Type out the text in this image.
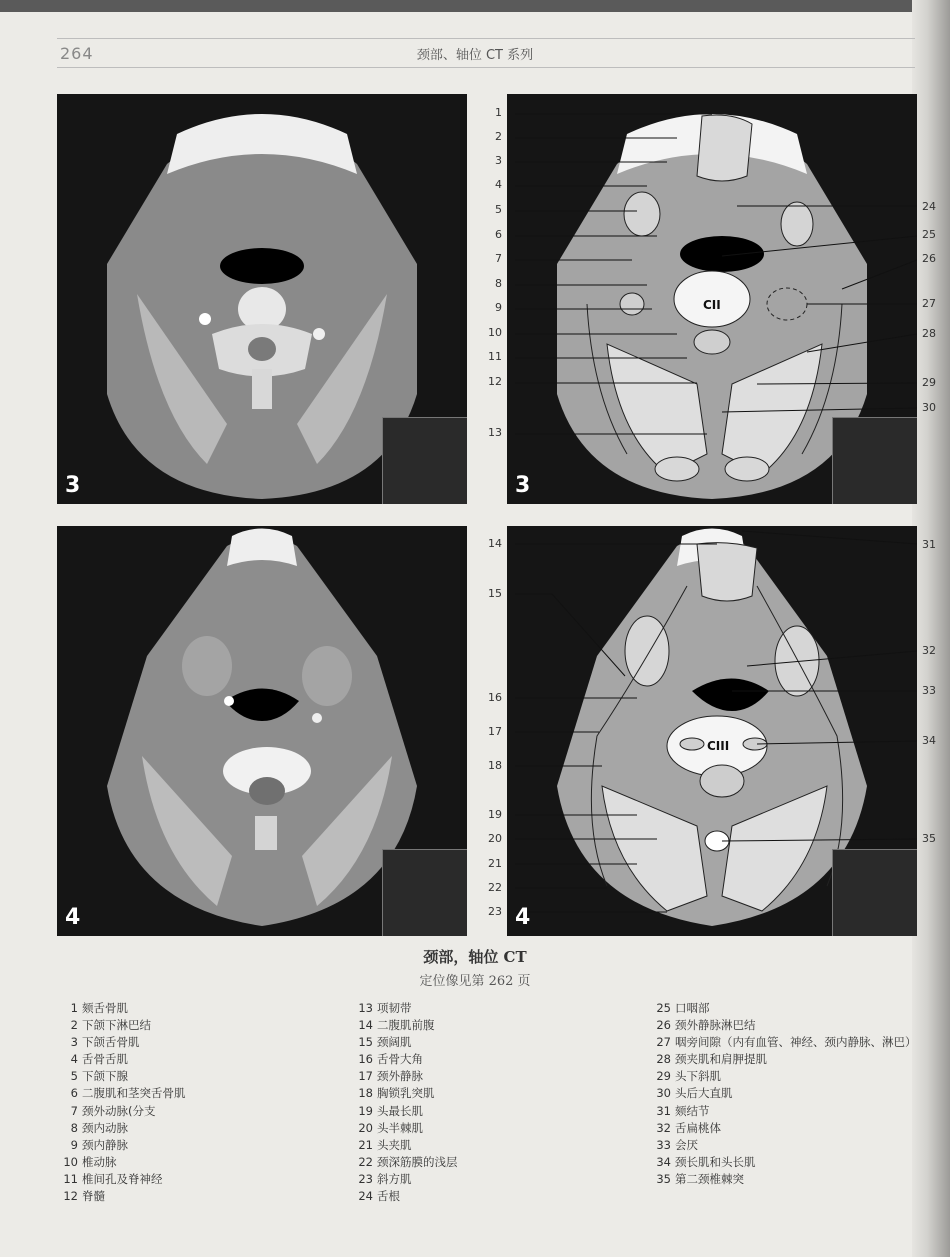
264	颈部、轴位 CT 系列
3
CII
3
4
CIII
4
1
2
3
4
5
6
7
8
9
10
11
12
13
24
25
26
27
28
29
30
14
15
16
17
18
19
20
21
22
23
31
32
33
34
35
颈部，轴位 CT
定位像见第 262 页
1 颏舌骨肌
2 下颌下淋巴结
3 下颌舌骨肌
4 舌骨舌肌
5 下颌下腺
6 二腹肌和茎突舌骨肌
7 颈外动脉(分支
8 颈内动脉
9 颈内静脉
10 椎动脉
11 椎间孔及脊神经
12 脊髓
13 项韧带
14 二腹肌前腹
15 颈阔肌
16 舌骨大角
17 颈外静脉
18 胸锁乳突肌
19 头最长肌
20 头半棘肌
21 头夹肌
22 颈深筋膜的浅层
23 斜方肌
24 舌根
25 口咽部
26 颈外静脉淋巴结
27 咽旁间隙（内有血管、神经、颈内静脉、淋巴）
28 颈夹肌和肩胛提肌
29 头下斜肌
30 头后大直肌
31 颏结节
32 舌扁桃体
33 会厌
34 颈长肌和头长肌
35 第二颈椎棘突
